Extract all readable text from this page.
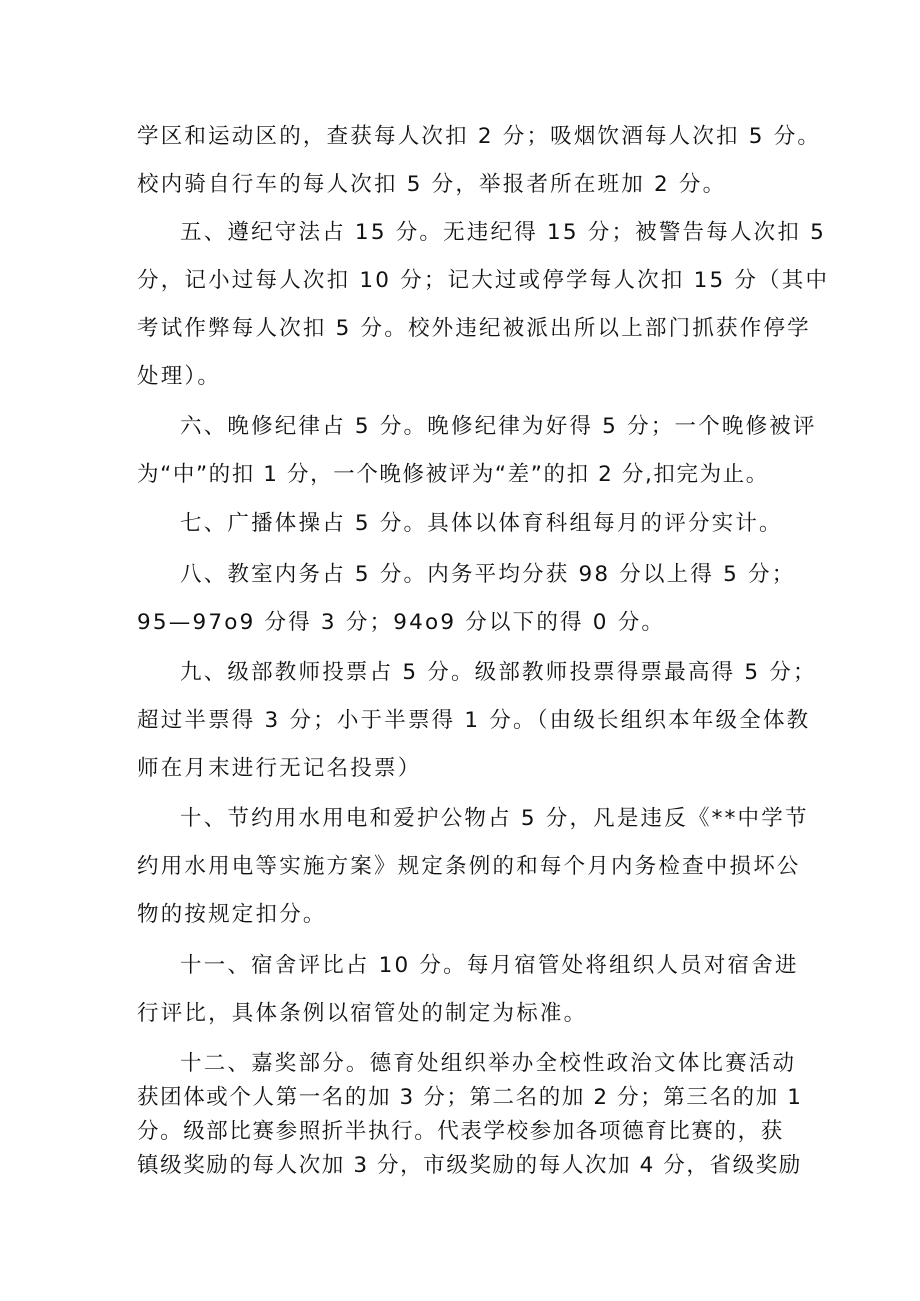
学区和运动区的，查获每人次扣 2 分；吸烟饮酒每人次扣 5 分。

校内骑自行车的每人次扣 5 分，举报者所在班加 2 分。

五、遵纪守法占 15 分。无违纪得 15 分；被警告每人次扣 5

分，记小过每人次扣 10 分；记大过或停学每人次扣 15 分（其中

考试作弊每人次扣 5 分。校外违纪被派出所以上部门抓获作停学

处理）。

六、晚修纪律占 5 分。晚修纪律为好得 5 分；一个晚修被评

为“中”的扣 1 分，一个晚修被评为“差”的扣 2 分,扣完为止。

七、广播体操占 5 分。具体以体育科组每月的评分实计。

八、教室内务占 5 分。内务平均分获 98 分以上得 5 分；

95—97o9 分得 3 分；94o9 分以下的得 0 分。

九、级部教师投票占 5 分。级部教师投票得票最高得 5 分；

超过半票得 3 分；小于半票得 1 分。（由级长组织本年级全体教

师在月末进行无记名投票）

十、节约用水用电和爱护公物占 5 分，凡是违反《**中学节

约用水用电等实施方案》规定条例的和每个月内务检查中损坏公

物的按规定扣分。

十一、宿舍评比占 10 分。每月宿管处将组织人员对宿舍进

行评比，具体条例以宿管处的制定为标准。

十二、嘉奖部分。德育处组织举办全校性政治文体比赛活动

获团体或个人第一名的加 3 分；第二名的加 2 分；第三名的加 1

分。级部比赛参照折半执行。代表学校参加各项德育比赛的，获

镇级奖励的每人次加 3 分，市级奖励的每人次加 4 分，省级奖励
